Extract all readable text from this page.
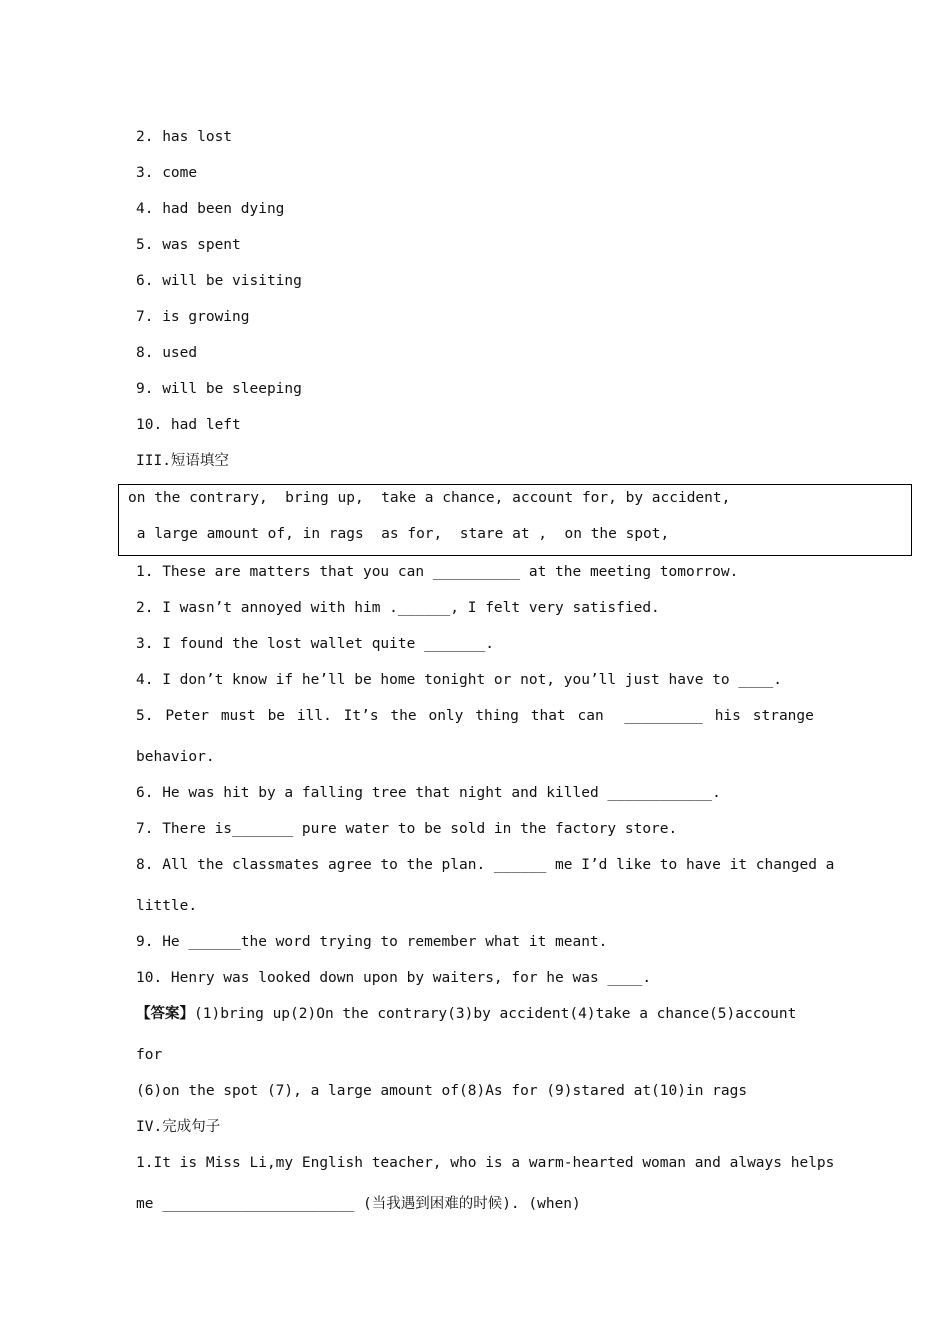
2. has lost
3. come
4. had been dying
5. was spent
6. will be visiting
7. is growing
8. used
9. will be sleeping
10. had left
III.短语填空
on the contrary,  bring up,  take a chance, account for, by accident,
a large amount of, in rags  as for,  stare at ,  on the spot,
1. These are matters that you can __________ at the meeting tomorrow.
2. I wasn’t annoyed with him .______, I felt very satisfied.
3. I found the lost wallet quite _______.
4. I don’t know if he’ll be home tonight or not, you’ll just have to ____.
5. Peter must be ill. It’s the only thing that can _________ his strange
behavior.
6. He was hit by a falling tree that night and killed ____________.
7. There is_______ pure water to be sold in the factory store.
8. All the classmates agree to the plan. ______ me I’d like to have it changed a
little.
9. He ______the word trying to remember what it meant.
10. Henry was looked down upon by waiters, for he was ____.
【答案】(1)bring up(2)On the contrary(3)by accident(4)take a chance(5)account
for
(6)on the spot (7), a large amount of(8)As for (9)stared at(10)in rags
IV.完成句子
1.It is Miss Li,my English teacher, who is a warm-hearted woman and always helps
me ______________________ (当我遇到困难的时候). (when)
